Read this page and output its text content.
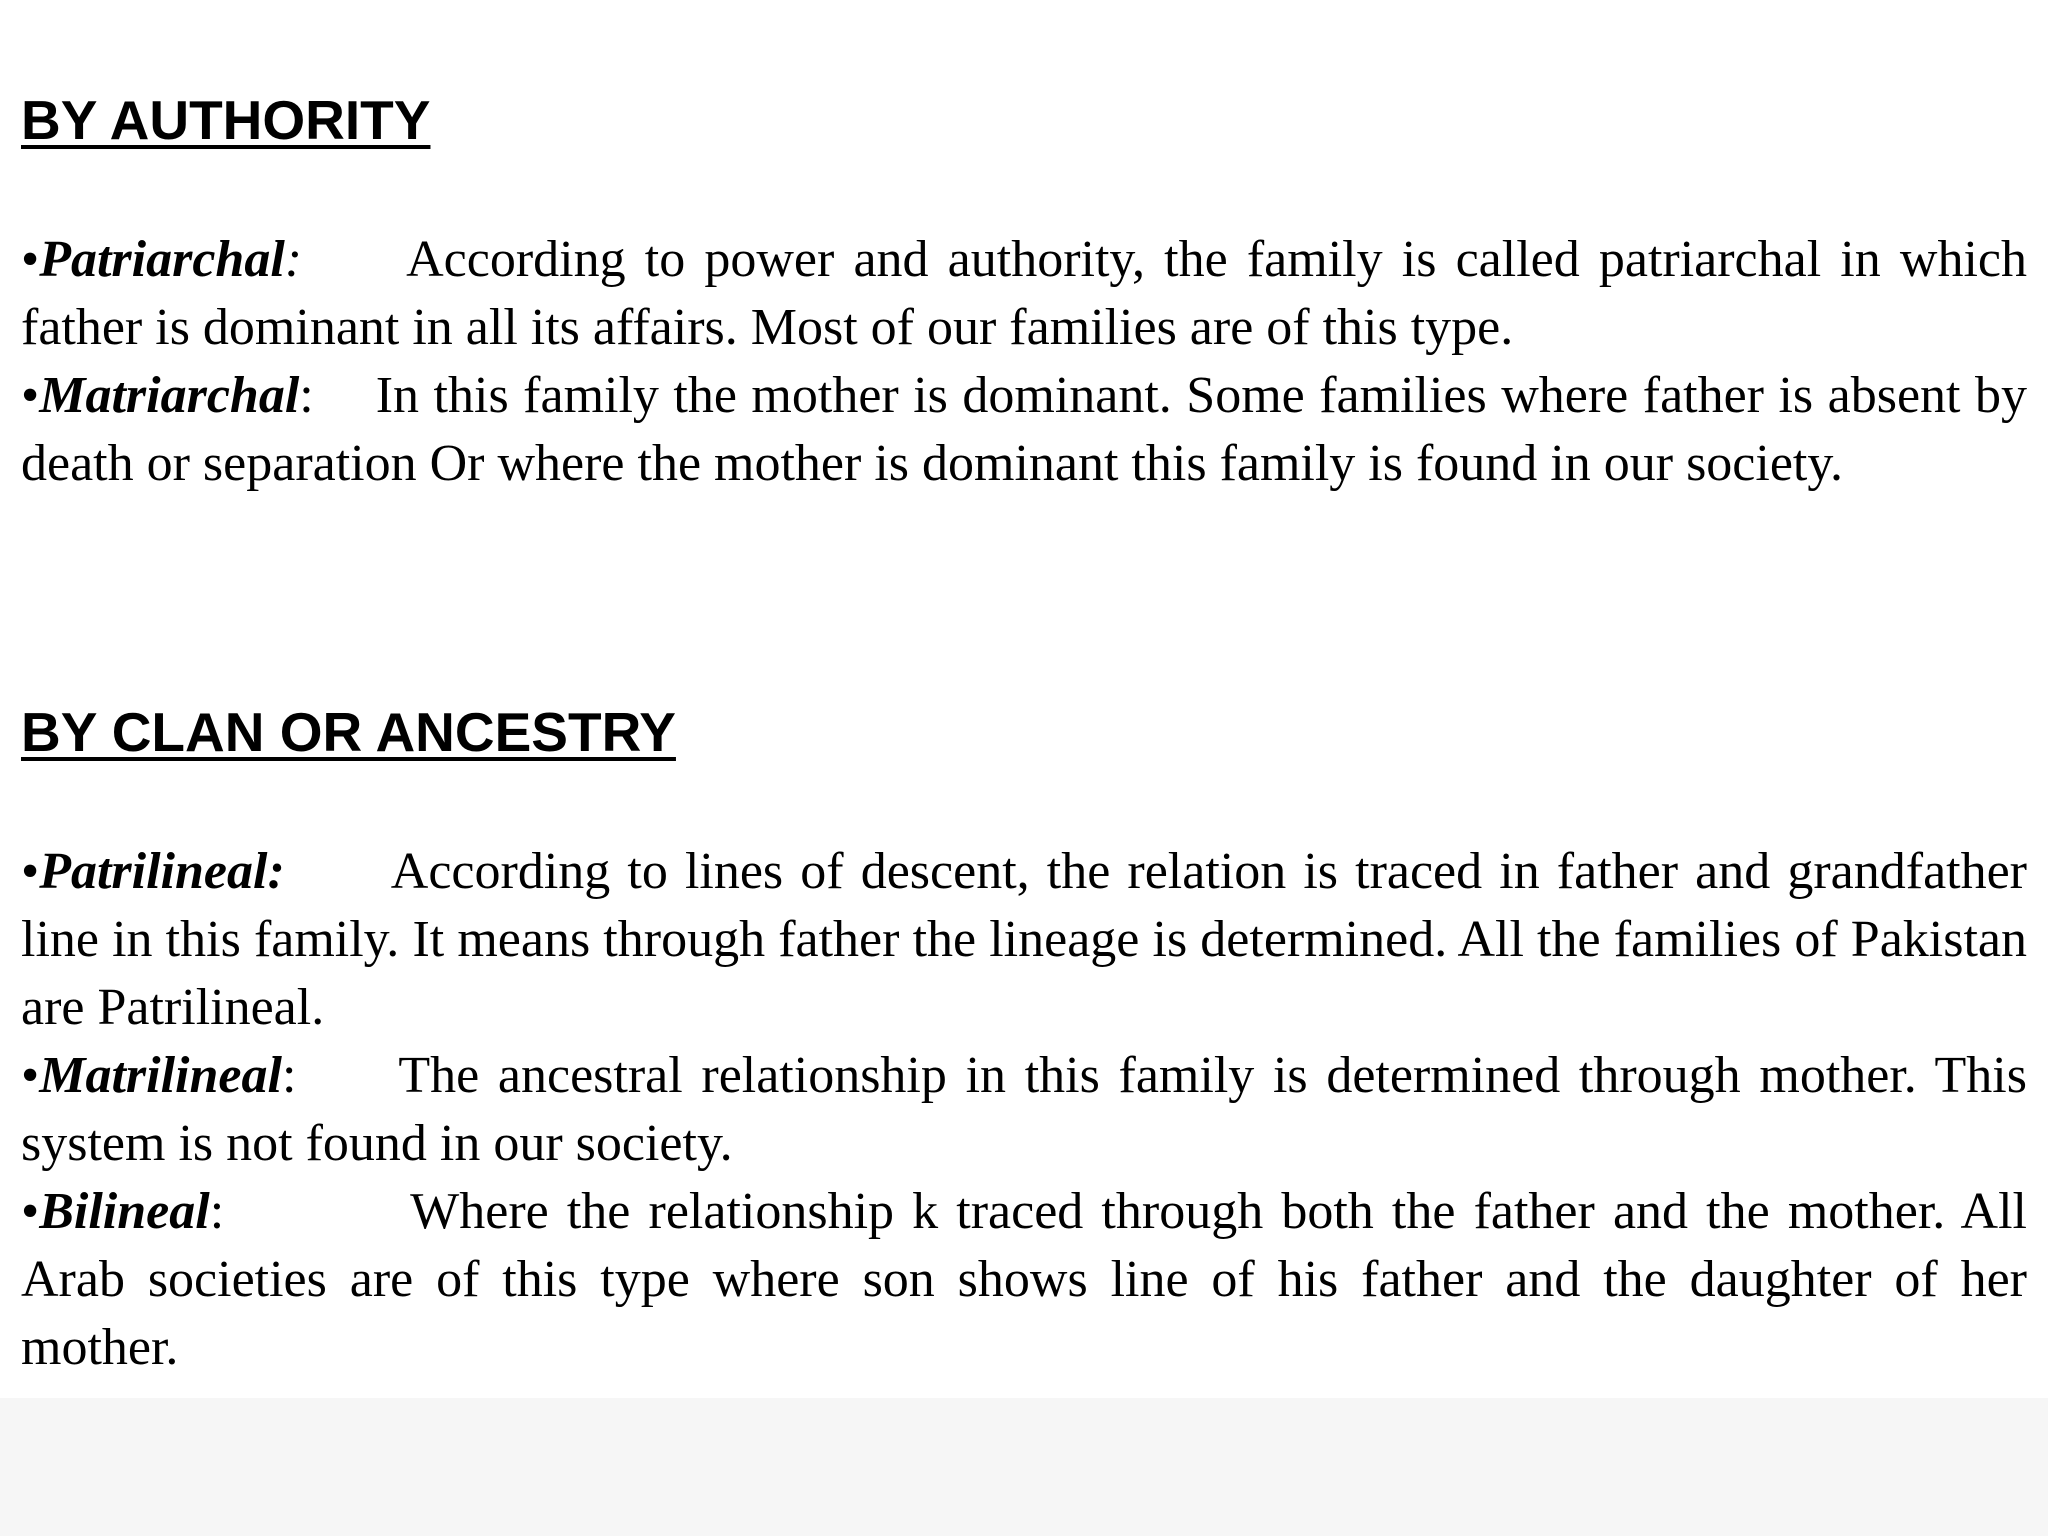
BY AUTHORITY

•Patriarchal: According to power and authority, the family is called patriarchal in which father is dominant in all its affairs. Most of our families are of this type.

•Matriarchal: In this family the mother is dominant. Some families where father is absent by death or separation Or where the mother is dominant this family is found in our society.

BY CLAN OR ANCESTRY

•Patrilineal: According to lines of descent, the relation is traced in father and grandfather line in this family. It means through father the lineage is determined. All the families of Pakistan are Patrilineal.

•Matrilineal: The ancestral relationship in this family is determined through mother. This system is not found in our society.

•Bilineal:	Where the relationship k traced through both the father and the mother. All Arab societies are of this type where son shows line of his father and the daughter of her mother.
